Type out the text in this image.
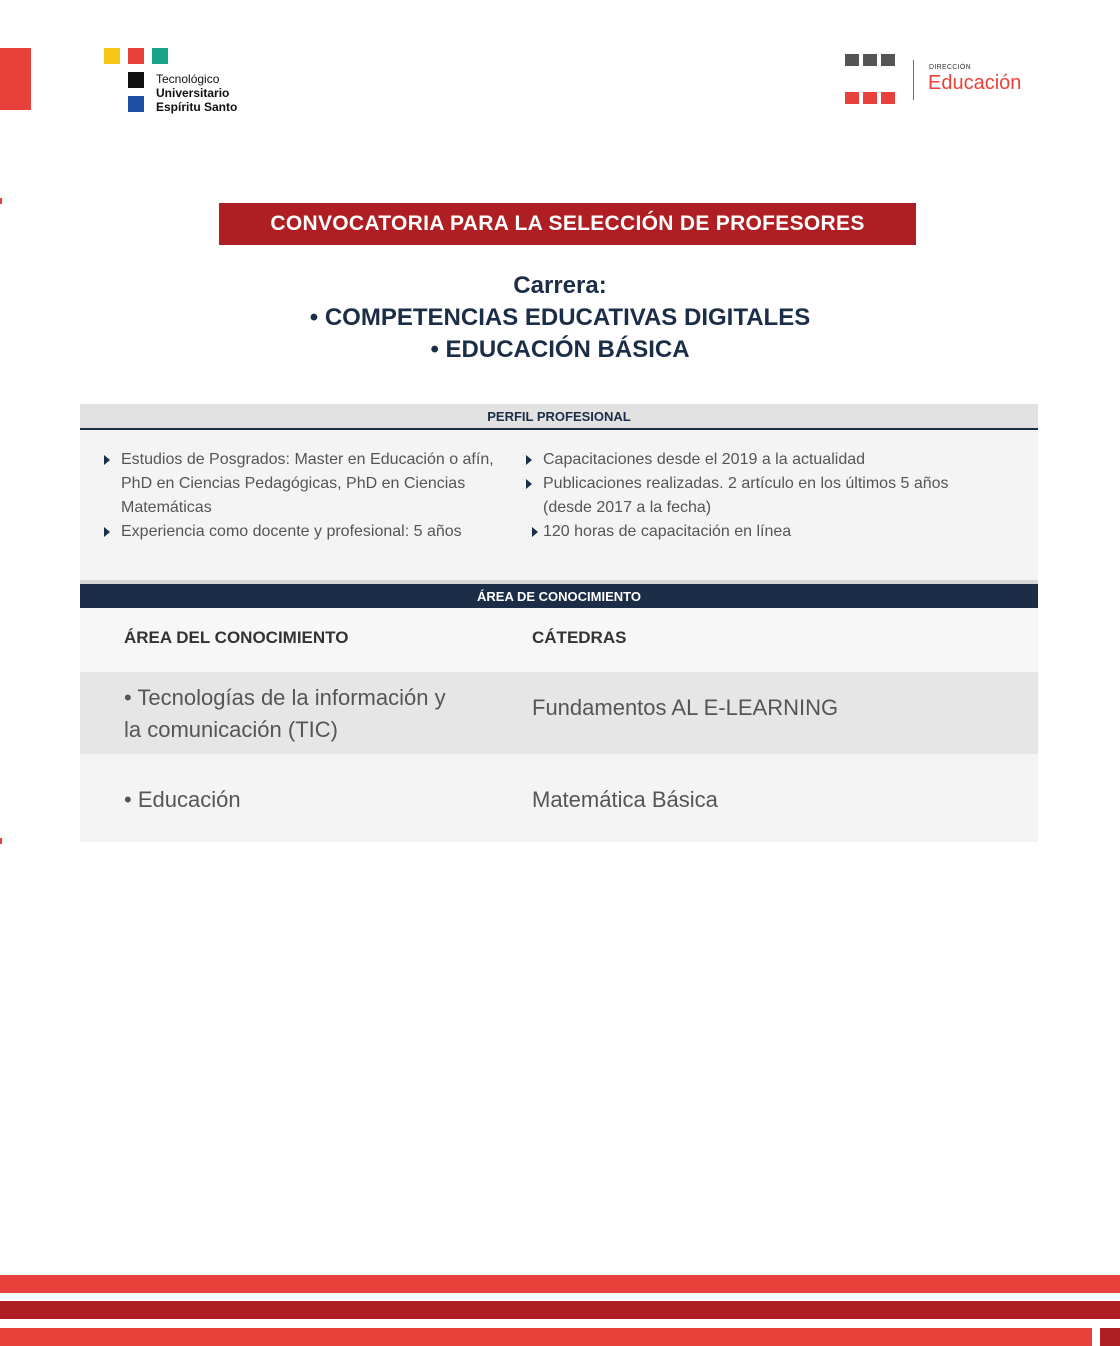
Tecnológico
Universitario
Espíritu Santo
DIRECCIÓN
Educación
CONVOCATORIA PARA LA SELECCIÓN DE PROFESORES
Carrera:
• COMPETENCIAS EDUCATIVAS DIGITALES
• EDUCACIÓN BÁSICA
PERFIL PROFESIONAL
Estudios de Posgrados: Master en Educación o afín, PhD en Ciencias Pedagógicas, PhD en Ciencias Matemáticas
Experiencia como docente y profesional: 5 años
Capacitaciones desde el 2019 a la actualidad
Publicaciones realizadas. 2 artículo en los últimos 5 años (desde 2017 a la fecha)
120 horas de capacitación en línea
ÁREA DE CONOCIMIENTO
ÁREA DEL CONOCIMIENTO	CÁTEDRAS
• Tecnologías de la información y
la comunicación (TIC)
Fundamentos AL E-LEARNING
• Educación	Matemática Básica
